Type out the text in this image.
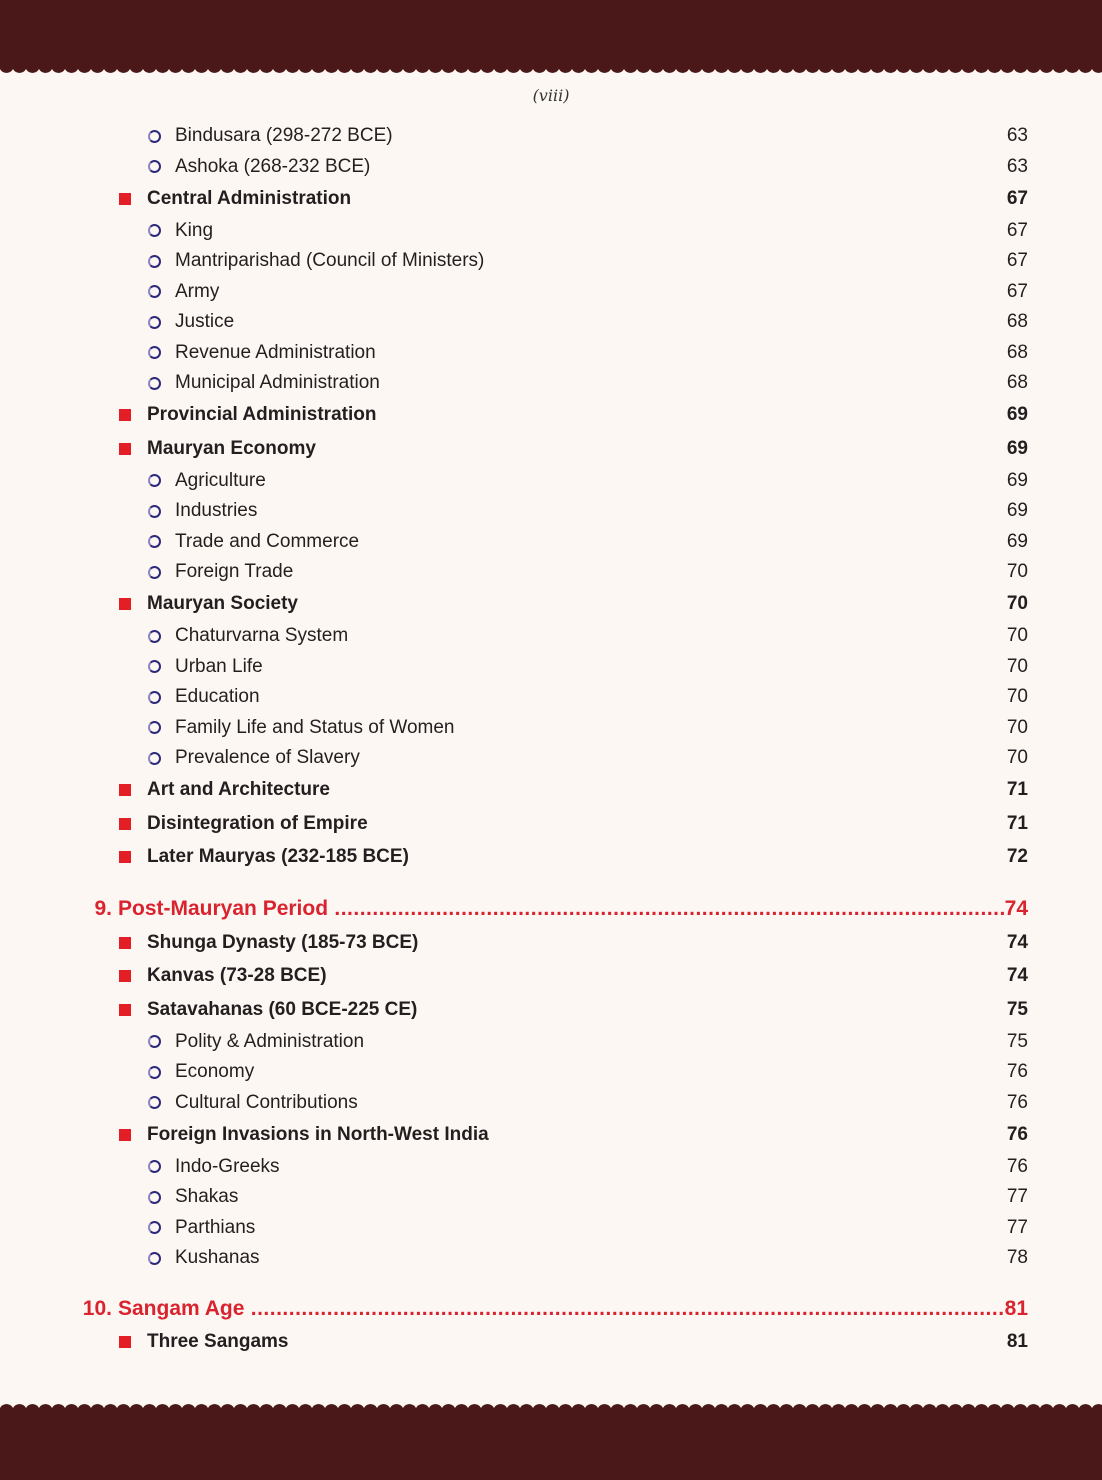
(viii)
Bindusara (298-272 BCE)	63
Ashoka (268-232 BCE)	63
Central Administration	67
King	67
Mantriparishad (Council of Ministers)	67
Army	67
Justice	68
Revenue Administration	68
Municipal Administration	68
Provincial Administration	69
Mauryan Economy	69
Agriculture	69
Industries	69
Trade and Commerce	69
Foreign Trade	70
Mauryan Society	70
Chaturvarna System	70
Urban Life	70
Education	70
Family Life and Status of Women	70
Prevalence of Slavery	70
Art and Architecture	71
Disintegration of Empire	71
Later Mauryas (232-185 BCE)	72
9. Post-Mauryan Period .....	74
Shunga Dynasty (185-73 BCE)	74
Kanvas (73-28 BCE)	74
Satavahanas (60 BCE-225 CE)	75
Polity & Administration	75
Economy	76
Cultural Contributions	76
Foreign Invasions in North-West India	76
Indo-Greeks	76
Shakas	77
Parthians	77
Kushanas	78
10. Sangam Age .....	81
Three Sangams	81
